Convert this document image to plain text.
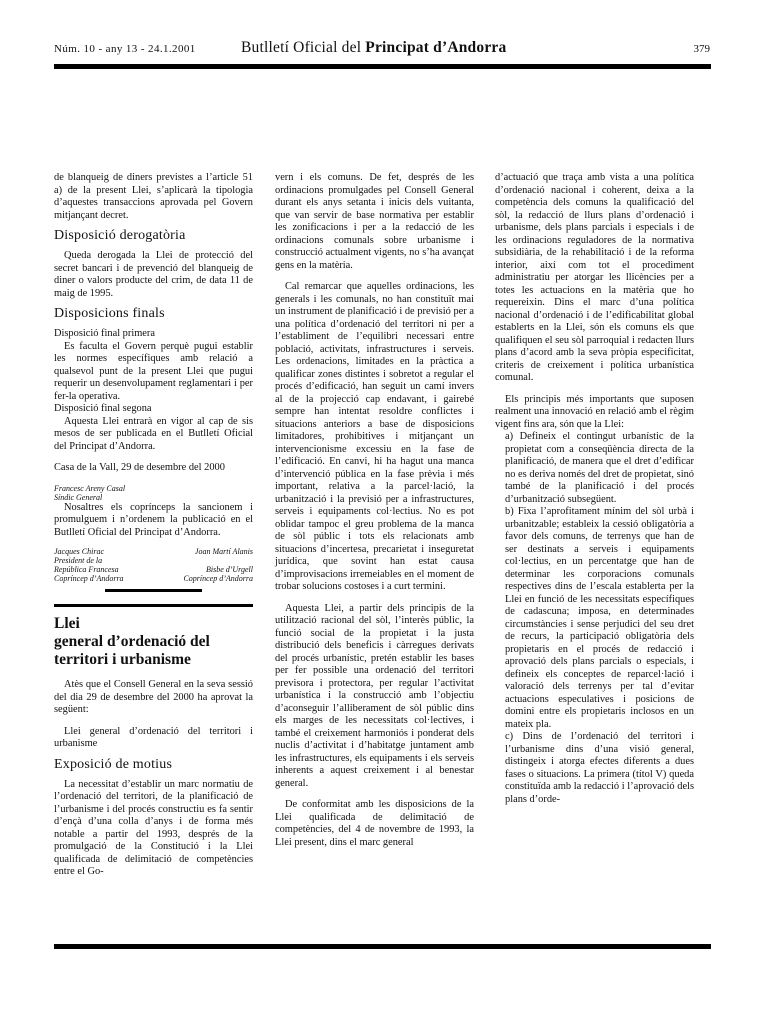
Núm. 10 - any 13 - 24.1.2001	Butlletí Oficial del Principat d’Andorra	379

de blanqueig de diners previstes a l’article 51 a) de la present Llei, s’aplicarà la tipologia d’aquestes transaccions aprovada pel Govern mitjançant decret.

Disposició derogatòria

Queda derogada la Llei de protecció del secret bancari i de prevenció del blanqueig de diner o valors producte del crim, de data 11 de maig de 1995.

Disposicions finals

Disposició final primera

Es faculta el Govern perquè pugui establir les normes específiques amb relació a qualsevol punt de la present Llei que pugui requerir un desenvolupament reglamentari i per fer-la operativa.

Disposició final segona

Aquesta Llei entrarà en vigor al cap de sis mesos de ser publicada en el Butlletí Oficial del Principat d’Andorra.

Casa de la Vall, 29 de desembre del 2000

Francesc Areny Casal
Síndic General

Nosaltres els coprínceps la sancionem i promulguem i n’ordenem la publicació en el Butlletí Oficial del Principat d’Andorra.

Jacques Chirac
President de la
República Francesa
Copríncep d’Andorra
Joan Martí Alanis

Bisbe d’Urgell
Copríncep d’Andorra
Llei
general d’ordenació del
territori i urbanisme

Atès que el Consell General en la seva sessió del dia 29 de desembre del 2000 ha aprovat la següent:

Llei general d’ordenació del territori i urbanisme

Exposició de motius

La necessitat d’establir un marc normatiu de l’ordenació del territori, de la planificació de l’urbanisme i del procés constructiu es fa sentir d’ençà d’una colla d’anys i de forma més notable a partir del 1993, després de la promulgació de la Constitució i la Llei qualificada de delimitació de competències entre el Go-

vern i els comuns. De fet, després de les ordinacions promulgades pel Consell General durant els anys setanta i inicis dels vuitanta, que van servir de base normativa per establir les zonificacions i per a la redacció de les ordinacions comunals sobre urbanisme i construcció actualment vigents, no s’ha avançat gens en la matèria.

Cal remarcar que aquelles ordinacions, les generals i les comunals, no han constituït mai un instrument de planificació i de previsió per a una política d’ordenació del territori ni per a l’establiment de l’equilibri necessari entre població, activitats, infrastructures i serveis. Les ordenacions, limitades en la pràctica a qualificar zones distintes i sobretot a regular el procés d’edificació, han seguit un camí invers al de la projecció cap endavant, i gairebé sempre han intentat resoldre conflictes i situacions anteriors a base de disposicions limitadores, prohibitives i mitjançant un intervencionisme excessiu en la fase de l’edificació. En canvi, hi ha hagut una manca d’intervenció pública en la fase prèvia i més important, relativa a la parcel·lació, la urbanització i la previsió per a infrastructures, serveis i equipaments col·lectius. No es pot oblidar tampoc el greu problema de la manca de sòl públic i tots els relacionats amb situacions d’incertesa, precarietat i inseguretat jurídica, que sovint han estat causa d’improvisacions irremeiables en el moment de trobar solucions costoses i a curt termini.

Aquesta Llei, a partir dels principis de la utilització racional del sòl, l’interès públic, la funció social de la propietat i la justa distribució dels beneficis i càrregues derivats del procés urbanístic, pretén establir les bases per fer possible una ordenació del territori previsora i protectora, per regular l’activitat urbanística i la construcció amb l’objectiu d’aconseguir l’alliberament de sòl públic dins els marges de les necessitats col·lectives, i també el creixement harmoniós i ponderat dels nuclis d’activitat i d’habitatge juntament amb les infrastructures, els equipaments i els serveis inherents a aquest creixement i al benestar general.

De conformitat amb les disposicions de la Llei qualificada de delimitació de competències, del 4 de novembre de 1993, la Llei present, dins el marc general

d’actuació que traça amb vista a una política d’ordenació nacional i coherent, deixa a la competència dels comuns la qualificació del sòl, la redacció de llurs plans d’ordenació i urbanisme, dels plans parcials i especials i de les ordinacions reguladores de la normativa subsidiària, de la rehabilitació i de la reforma interior, així com tot el procediment administratiu per atorgar les llicències per a totes les actuacions en la matèria que ho requereixin. Dins el marc d’una política nacional d’ordenació i de l’edificabilitat global establerts en la Llei, són els comuns els que qualifiquen el seu sòl parroquial i redacten llurs plans d’acord amb la seva pròpia especificitat, criteris de creixement i política urbanística comunal.

Els principis més importants que suposen realment una innovació en relació amb el règim vigent fins ara, són que la Llei:

a) Defineix el contingut urbanístic de la propietat com a conseqüència directa de la planificació, de manera que el dret d’edificar no es deriva només del dret de propietat, sinó també de la planificació i del procés d’urbanització subsegüent.

b) Fixa l’aprofitament mínim del sòl urbà i urbanitzable; estableix la cessió obligatòria a favor dels comuns, de terrenys que han de ser destinats a serveis i equipaments col·lectius, en un percentatge que han de determinar les corporacions comunals respectives dins de l’escala establerta per la Llei en funció de les necessitats específiques de cadascuna; imposa, en determinades circumstàncies i sense perjudici del seu dret de recurs, la participació obligatòria dels propietaris en el procés de redacció i aprovació dels plans parcials o especials, i defineix els conceptes de reparcel·lació i valoració dels terrenys per tal d’evitar actuacions especulatives i posicions de domini entre els propietaris inclosos en un mateix pla.

c) Dins de l’ordenació del territori i l’urbanisme dins d’una visió general, distingeix i atorga efectes diferents a dues fases o situacions. La primera (títol V) queda constituïda amb la redacció i l’aprovació dels plans d’orde-
